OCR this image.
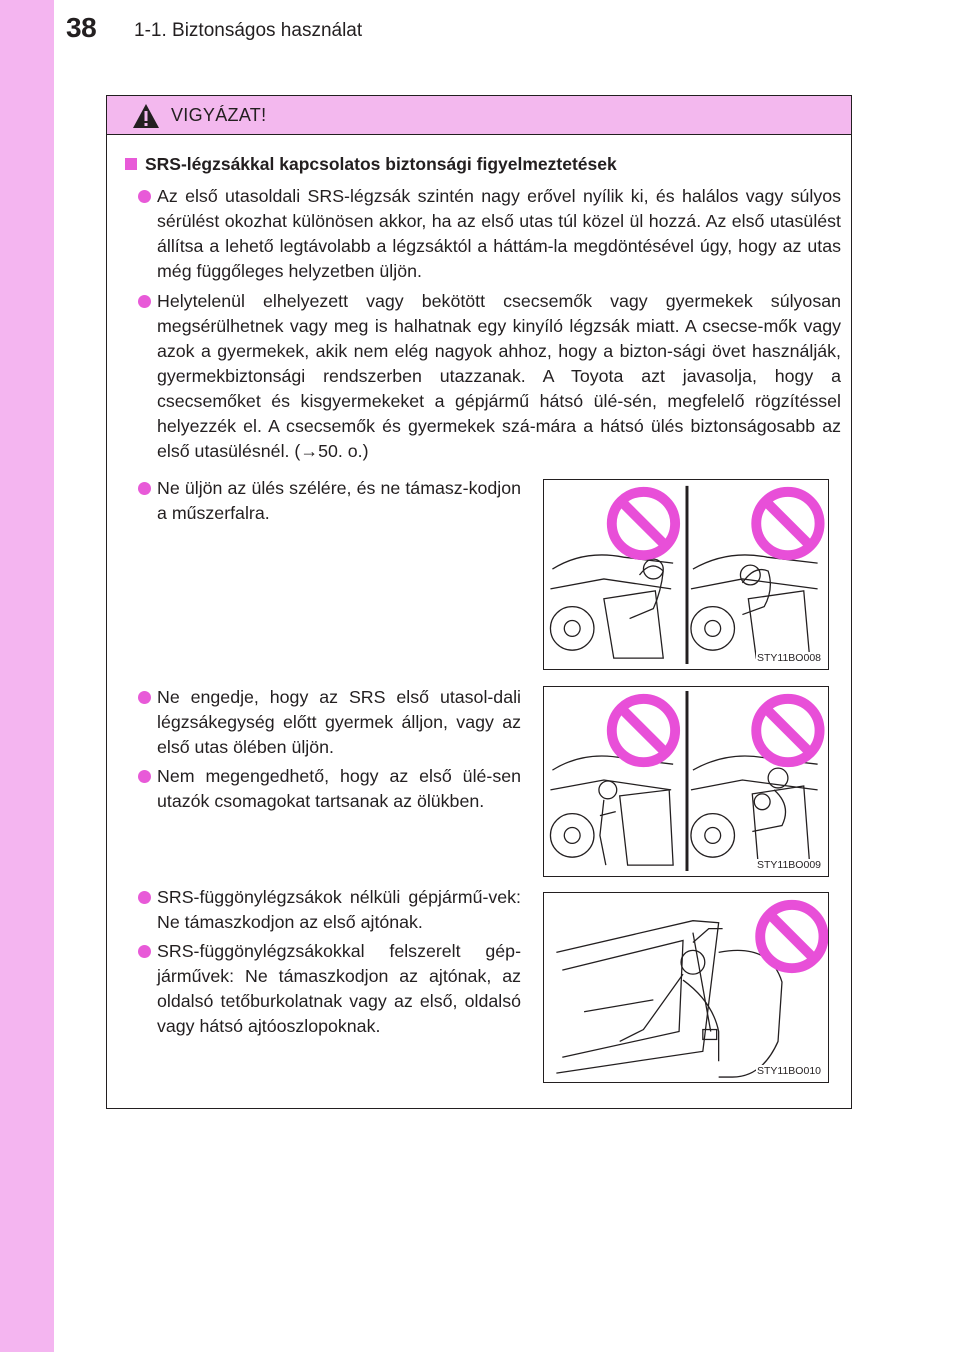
38 1-1. Biztonságos használat
VIGYÁZAT!
SRS-légzsákkal kapcsolatos biztonsági figyelmeztetések
Az első utasoldali SRS-légzsák szintén nagy erővel nyílik ki, és halálos vagy súlyos sérülést okozhat különösen akkor, ha az első utas túl közel ül hozzá. Az első utasülést állítsa a lehető legtávolabb a légzsáktól a háttám-la megdöntésével úgy, hogy az utas még függőleges helyzetben üljön.
Helytelenül elhelyezett vagy bekötött csecsemők vagy gyermekek súlyosan megsérülhetnek vagy meg is halhatnak egy kinyíló légzsák miatt. A csecse-mők vagy azok a gyermekek, akik nem elég nagyok ahhoz, hogy a bizton-sági övet használják, gyermekbiztonsági rendszerben utazzanak. A Toyota azt javasolja, hogy a csecsemőket és kisgyermekeket a gépjármű hátsó ülé-sén, megfelelő rögzítéssel helyezzék el. A csecsemők és gyermekek szá-mára a hátsó ülés biztonságosabb az első utasülésnél. (→50. o.)
Ne üljön az ülés szélére, és ne támasz-kodjon a műszerfalra.
Ne engedje, hogy az SRS első utasol-dali légzsákegység előtt gyermek álljon, vagy az első utas ölében üljön.
Nem megengedhető, hogy az első ülé-sen utazók csomagokat tartsanak az ölükben.
SRS-függönylégzsákok nélküli gépjármű-vek: Ne támaszkodjon az első ajtónak.
SRS-függönylégzsákokkal felszerelt gép-járművek: Ne támaszkodjon az ajtónak, az oldalsó tetőburkolatnak vagy az első, oldalsó vagy hátsó ajtóoszlopoknak.
STY11BO008
STY11BO009
STY11BO010
